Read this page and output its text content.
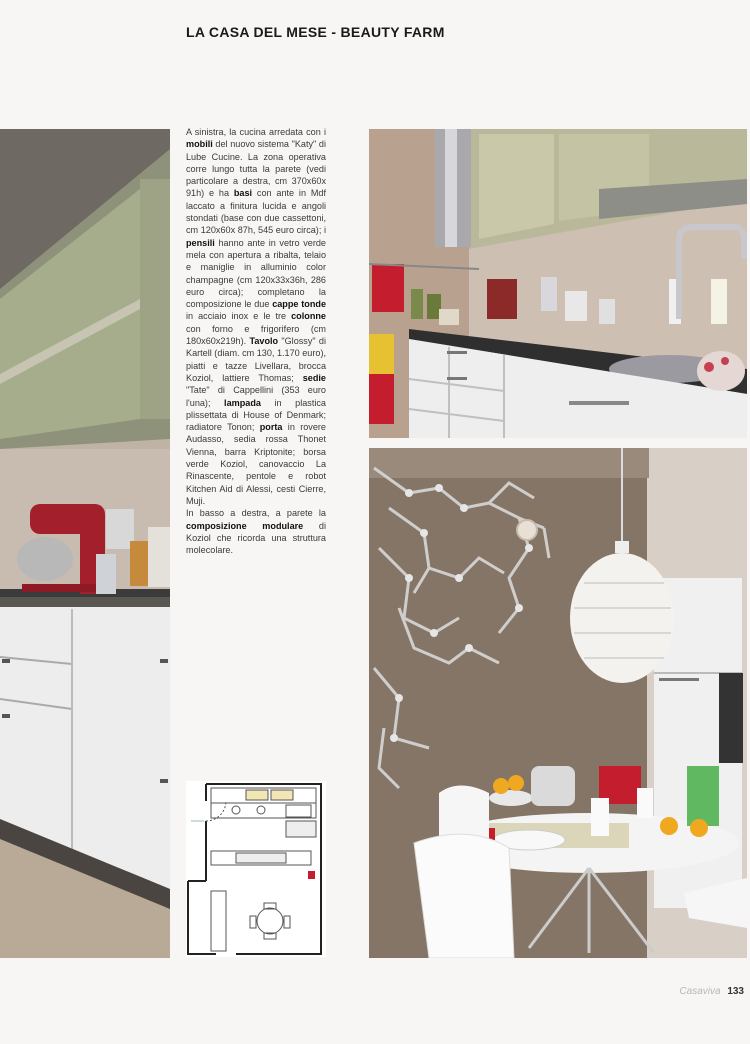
LA CASA DEL MESE - BEAUTY FARM

A sinistra, la cucina arredata con i mobili del nuovo sistema "Katy" di Lube Cucine. La zona operativa corre lungo tutta la parete (vedi particolare a destra, cm 370x60x 91h) e ha basi con ante in Mdf laccato a finitura lucida e angoli stondati (base con due cassettoni, cm 120x60x 87h, 545 euro circa); i pensili hanno ante in vetro verde mela con apertura a ribalta, telaio e maniglie in alluminio color champagne (cm 120x33x36h, 286 euro circa); completano la composizione le due cappe tonde in acciaio inox e le tre colonne con forno e frigorifero (cm 180x60x219h). Tavolo "Glossy" di Kartell (diam. cm 130, 1.170 euro), piatti e tazze Livellara, brocca Koziol, lattiere Thomas; sedie "Tate" di Cappellini (353 euro l'una); lampada in plastica plissettata di House of Denmark; radiatore Tonon; porta in rovere Audasso, sedia rossa Thonet Vienna, barra Kriptonite; borsa verde Koziol, canovaccio La Rinascente, pentole e robot Kitchen Aid di Alessi, cesti Cierre, Muji.

In basso a destra, a parete la composizione modulare di Koziol che ricorda una struttura molecolare.

Casaviva 133
